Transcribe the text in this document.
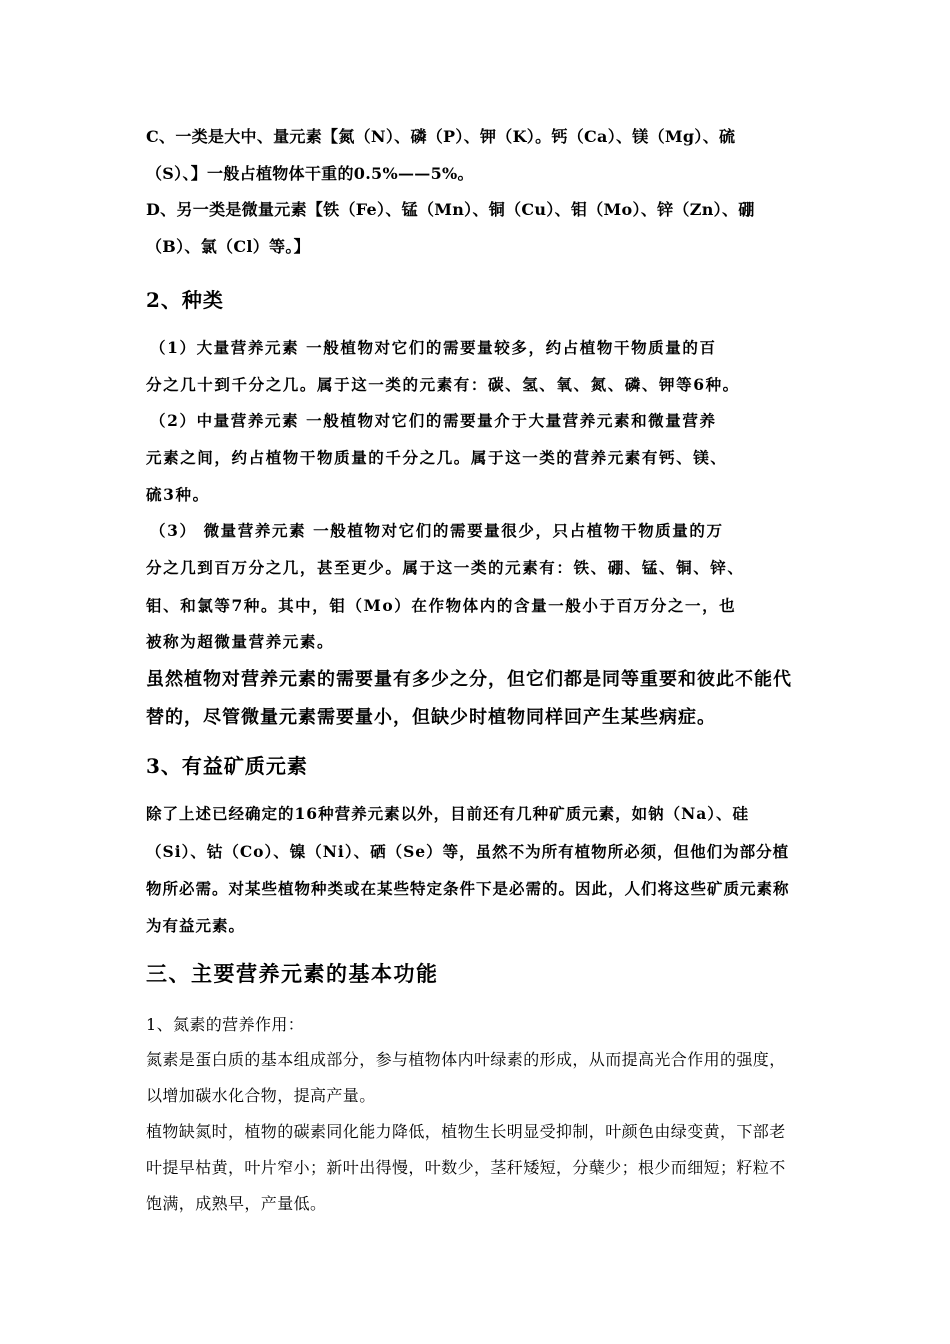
C、一类是大中、量元素【氮（N）、磷（P）、钾（K）。钙（Ca）、镁（Mg）、硫
（S）、】一般占植物体干重的0.5%——5%。
D、另一类是微量元素【铁（Fe）、锰（Mn）、铜（Cu）、钼（Mo）、锌（Zn）、硼
（B）、氯（Cl）等。】
2、种类
（1）大量营养元素 一般植物对它们的需要量较多，约占植物干物质量的百
分之几十到千分之几。属于这一类的元素有：碳、氢、氧、氮、磷、钾等6种。
（2）中量营养元素 一般植物对它们的需要量介于大量营养元素和微量营养
元素之间，约占植物干物质量的千分之几。属于这一类的营养元素有钙、镁、
硫3种。
（3） 微量营养元素 一般植物对它们的需要量很少，只占植物干物质量的万
分之几到百万分之几，甚至更少。属于这一类的元素有：铁、硼、锰、铜、锌、
钼、和氯等7种。其中，钼（Mo）在作物体内的含量一般小于百万分之一，也
被称为超微量营养元素。
虽然植物对营养元素的需要量有多少之分，但它们都是同等重要和彼此不能代
替的，尽管微量元素需要量小，但缺少时植物同样回产生某些病症。
3、有益矿质元素
除了上述已经确定的16种营养元素以外，目前还有几种矿质元素，如钠（Na）、硅
（Si）、钴（Co）、镍（Ni）、硒（Se）等，虽然不为所有植物所必须，但他们为部分植
物所必需。对某些植物种类或在某些特定条件下是必需的。因此，人们将这些矿质元素称
为有益元素。
三、主要营养元素的基本功能
1、氮素的营养作用：
氮素是蛋白质的基本组成部分，参与植物体内叶绿素的形成，从而提高光合作用的强度，
以增加碳水化合物，提高产量。
植物缺氮时，植物的碳素同化能力降低，植物生长明显受抑制，叶颜色由绿变黄，下部老
叶提早枯黄，叶片窄小；新叶出得慢，叶数少，茎秆矮短，分蘖少；根少而细短；籽粒不
饱满，成熟早，产量低。
